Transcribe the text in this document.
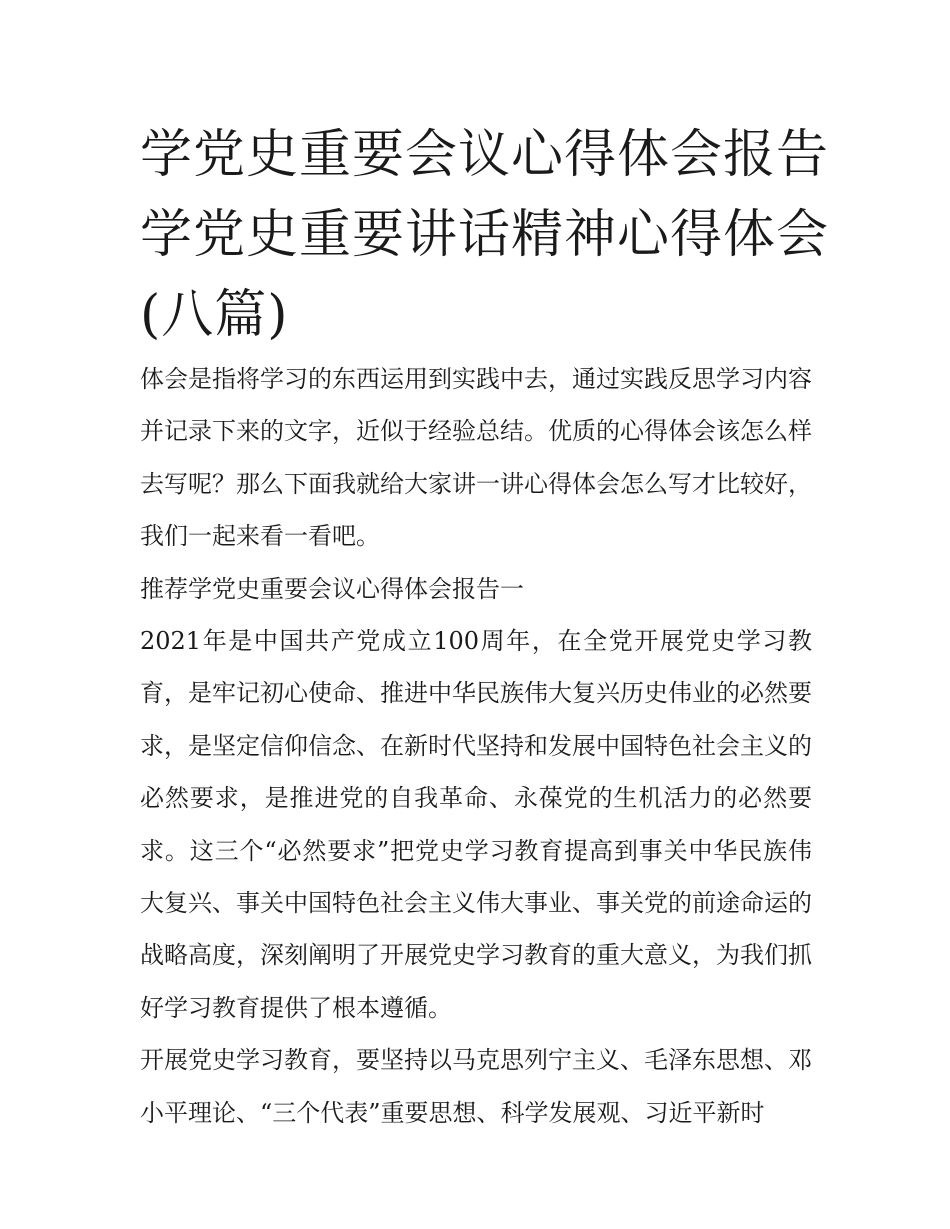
学党史重要会议心得体会报告
学党史重要讲话精神心得体会
(八篇)

体会是指将学习的东西运用到实践中去，通过实践反思学习内容并记录下来的文字，近似于经验总结。优质的心得体会该怎么样去写呢？那么下面我就给大家讲一讲心得体会怎么写才比较好，我们一起来看一看吧。

推荐学党史重要会议心得体会报告一

2021年是中国共产党成立100周年，在全党开展党史学习教育，是牢记初心使命、推进中华民族伟大复兴历史伟业的必然要求，是坚定信仰信念、在新时代坚持和发展中国特色社会主义的必然要求，是推进党的自我革命、永葆党的生机活力的必然要求。这三个“必然要求”把党史学习教育提高到事关中华民族伟大复兴、事关中国特色社会主义伟大事业、事关党的前途命运的战略高度，深刻阐明了开展党史学习教育的重大意义，为我们抓好学习教育提供了根本遵循。

开展党史学习教育，要坚持以马克思列宁主义、毛泽东思想、邓小平理论、“三个代表”重要思想、科学发展观、习近平新时
